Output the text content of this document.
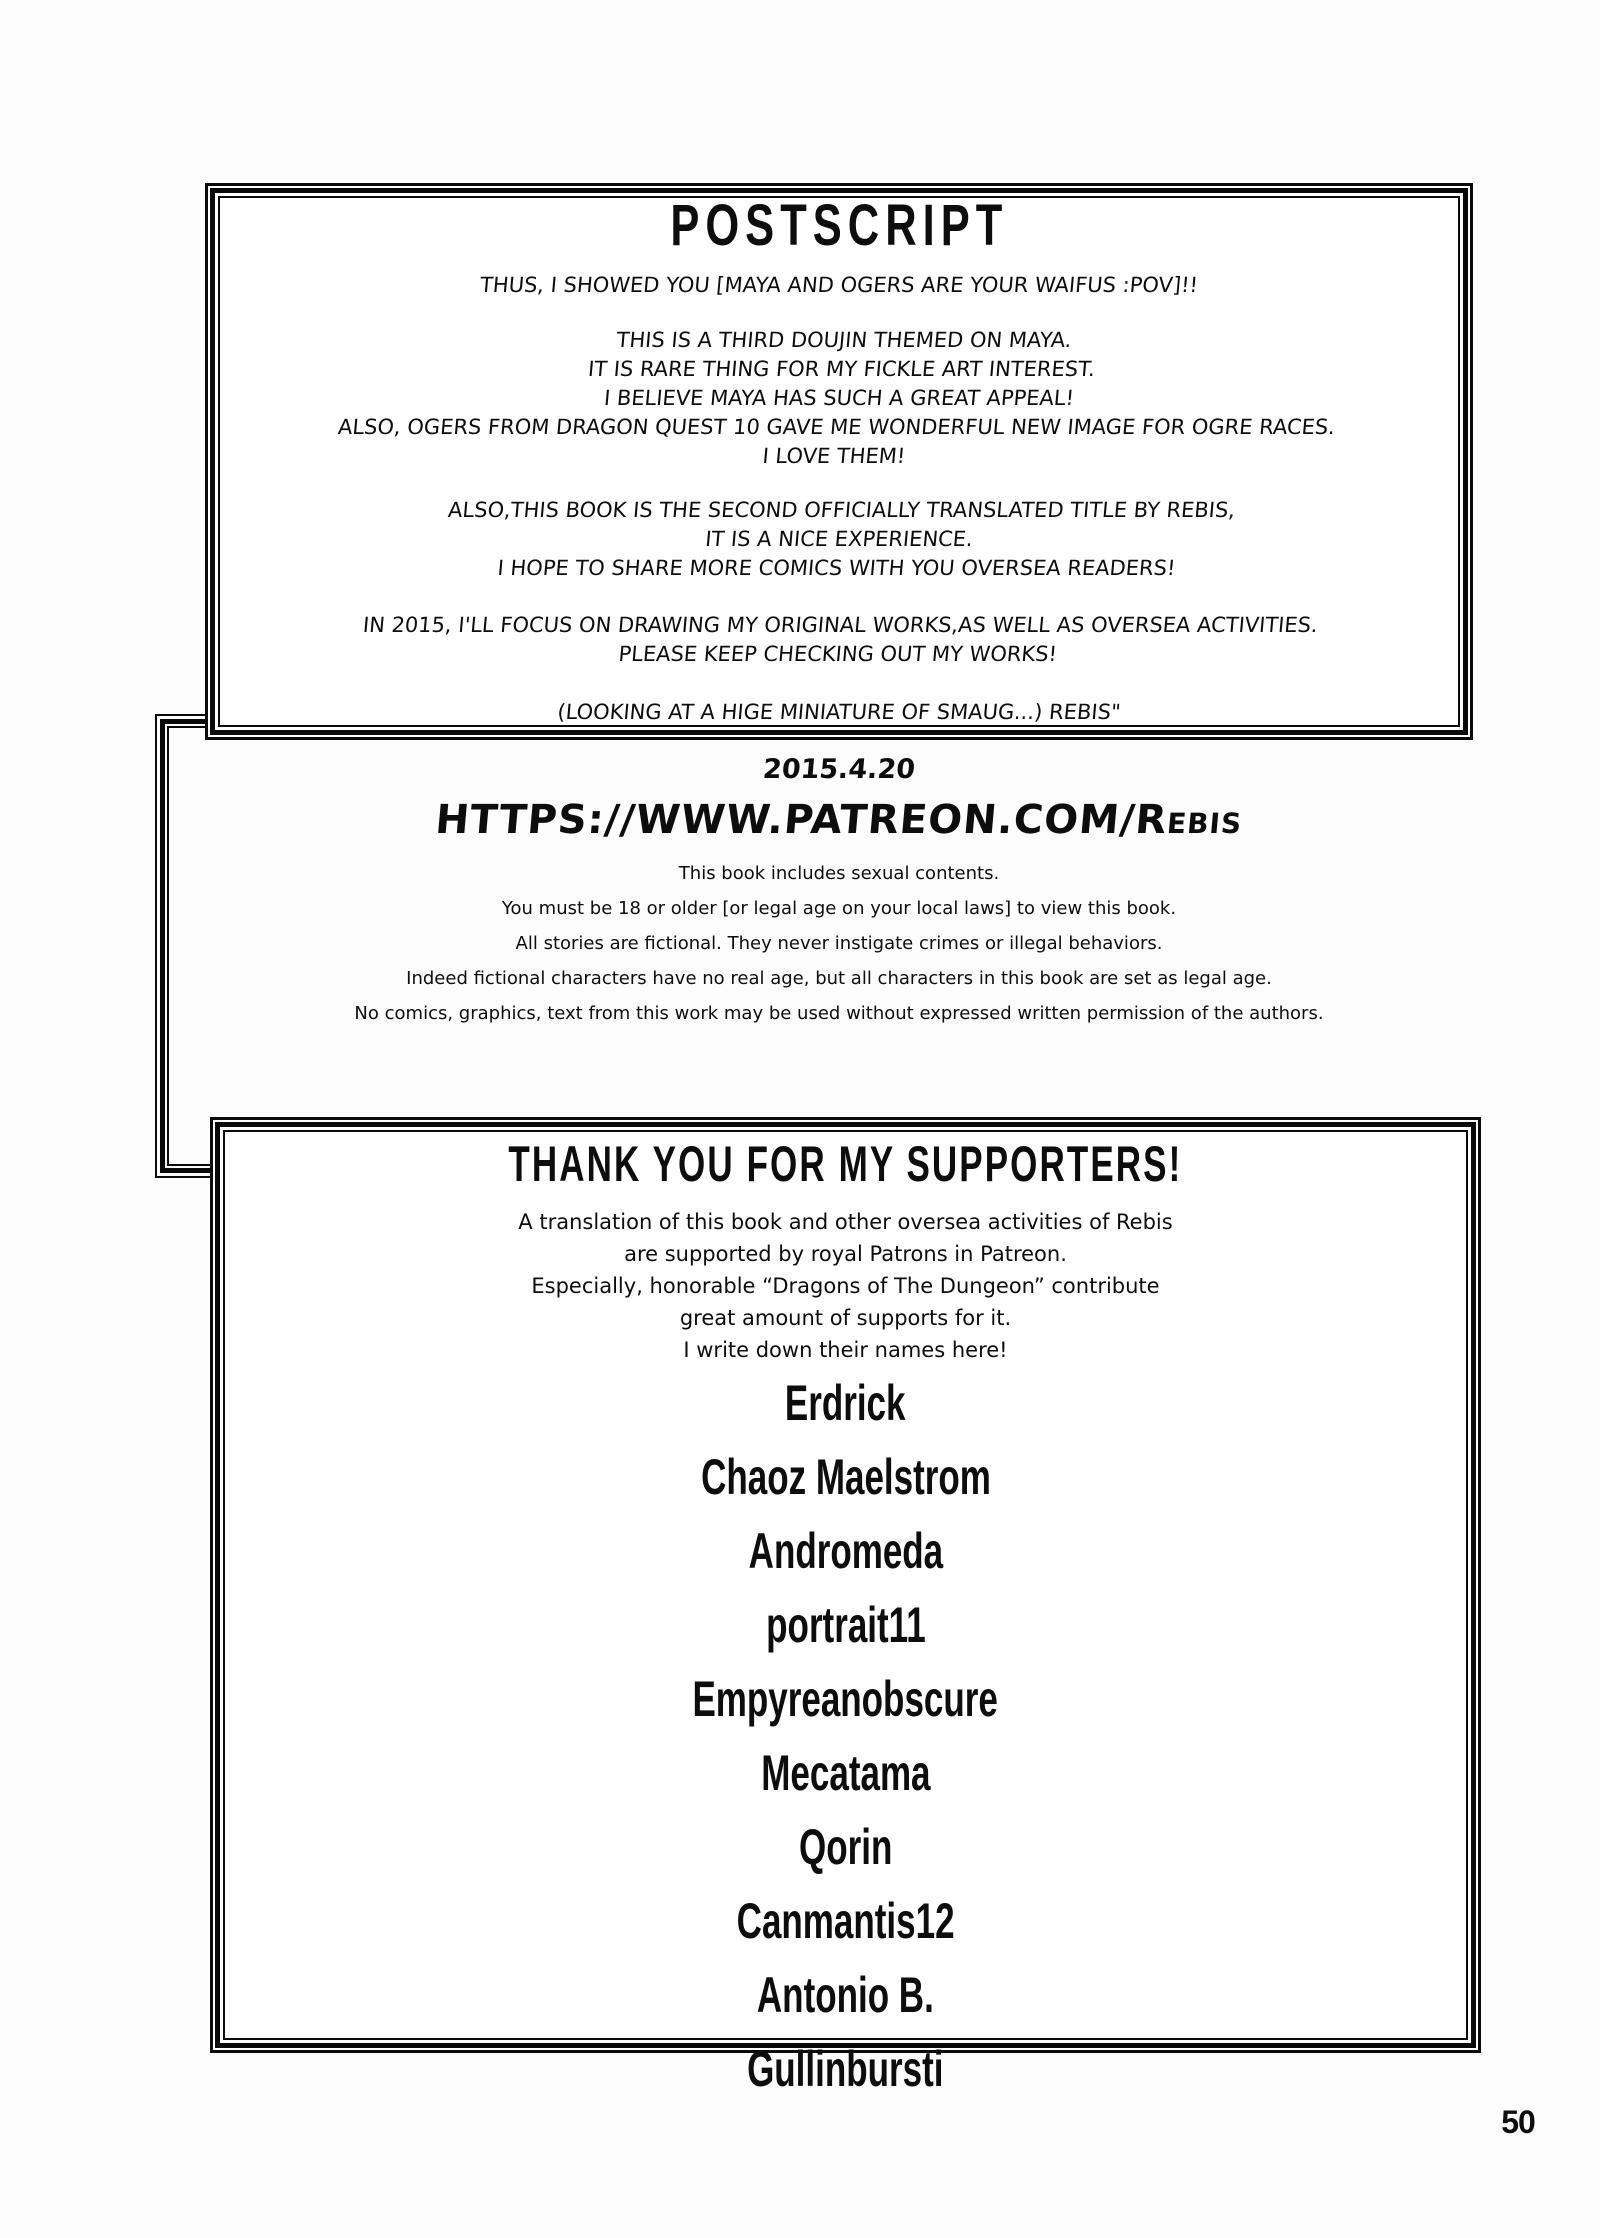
POSTSCRIPT
THUS, I SHOWED YOU [MAYA AND OGERS ARE YOUR WAIFUS :POV]!!
THIS IS A THIRD DOUJIN THEMED ON MAYA.
IT IS RARE THING FOR MY FICKLE ART INTEREST.
I BELIEVE MAYA HAS SUCH A GREAT APPEAL!
ALSO, OGERS FROM DRAGON QUEST 10 GAVE ME WONDERFUL NEW IMAGE FOR OGRE RACES.
I LOVE THEM!
ALSO,THIS BOOK IS THE SECOND OFFICIALLY TRANSLATED TITLE BY REBIS,
IT IS A NICE EXPERIENCE.
I HOPE TO SHARE MORE COMICS WITH YOU OVERSEA READERS!
IN 2015, I'LL FOCUS ON DRAWING MY ORIGINAL WORKS,AS WELL AS OVERSEA ACTIVITIES.
PLEASE KEEP CHECKING OUT MY WORKS!
(LOOKING AT A HIGE MINIATURE OF SMAUG...) REBIS"
2015.4.20
HTTPS://WWW.PATREON.COM/Rebis
This book includes sexual contents.
You must be 18 or older [or legal age on your local laws] to view this book.
All stories are fictional. They never instigate crimes or illegal behaviors.
Indeed fictional characters have no real age, but all characters in this book are set as legal age.
No comics, graphics, text from this work may be used without expressed written permission of the authors.
THANK YOU FOR MY SUPPORTERS!
A translation of this book and other oversea activities of Rebis
are supported by royal Patrons in Patreon.
Especially, honorable “Dragons of The Dungeon” contribute
great amount of supports for it.
I write down their names here!
Erdrick
Chaoz Maelstrom
Andromeda
portrait11
Empyreanobscure
Mecatama
Qorin
Canmantis12
Antonio B.
Gullinbursti
50
